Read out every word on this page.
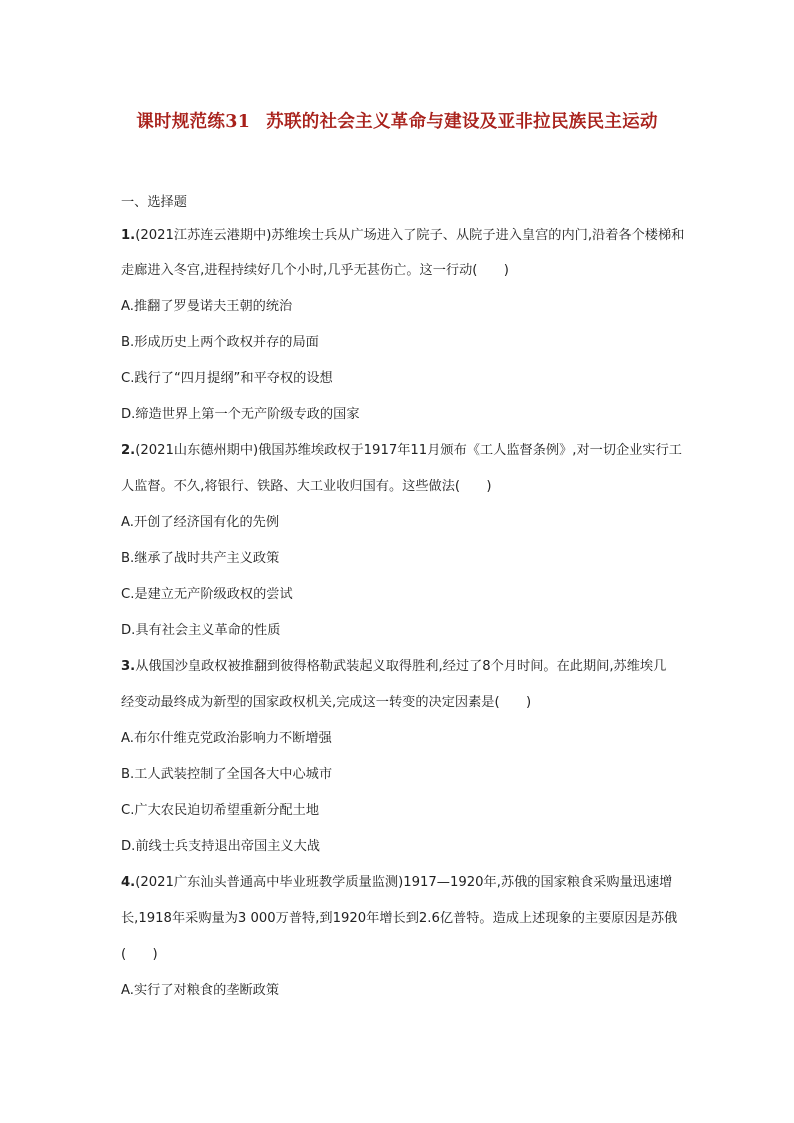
课时规范练31 苏联的社会主义革命与建设及亚非拉民族民主运动
一、选择题
1.(2021江苏连云港期中)苏维埃士兵从广场进入了院子、从院子进入皇宫的内门,沿着各个楼梯和
走廊进入冬宫,进程持续好几个小时,几乎无甚伤亡。这一行动(　　)
A.推翻了罗曼诺夫王朝的统治
B.形成历史上两个政权并存的局面
C.践行了“四月提纲”和平夺权的设想
D.缔造世界上第一个无产阶级专政的国家
2.(2021山东德州期中)俄国苏维埃政权于1917年11月颁布《工人监督条例》,对一切企业实行工
人监督。不久,将银行、铁路、大工业收归国有。这些做法(　　)
A.开创了经济国有化的先例
B.继承了战时共产主义政策
C.是建立无产阶级政权的尝试
D.具有社会主义革命的性质
3.从俄国沙皇政权被推翻到彼得格勒武装起义取得胜利,经过了8个月时间。在此期间,苏维埃几
经变动最终成为新型的国家政权机关,完成这一转变的决定因素是(　　)
A.布尔什维克党政治影响力不断增强
B.工人武装控制了全国各大中心城市
C.广大农民迫切希望重新分配土地
D.前线士兵支持退出帝国主义大战
4.(2021广东汕头普通高中毕业班教学质量监测)1917—1920年,苏俄的国家粮食采购量迅速增
长,1918年采购量为3 000万普特,到1920年增长到2.6亿普特。造成上述现象的主要原因是苏俄
(　　)
A.实行了对粮食的垄断政策
